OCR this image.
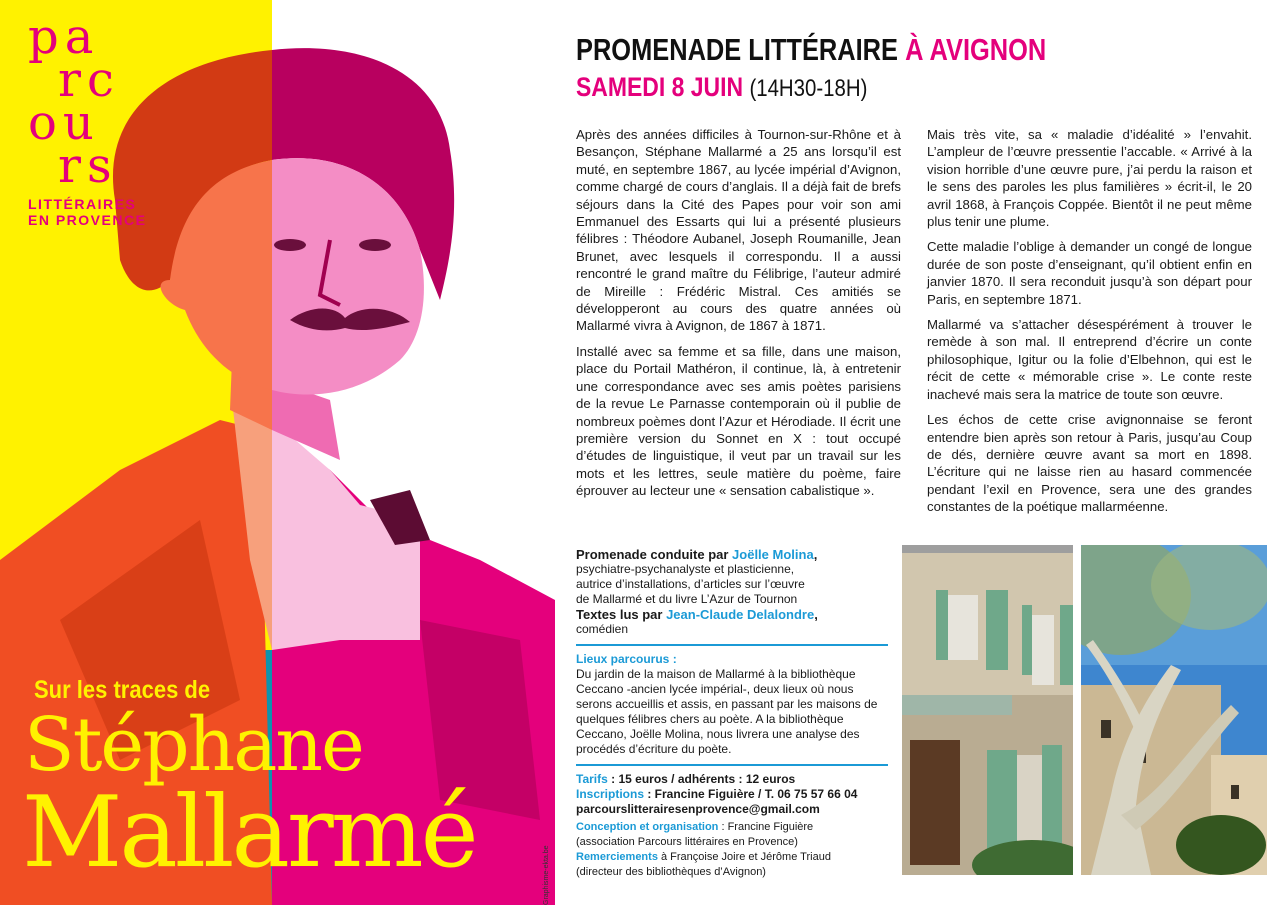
pa
rc
ou
rs
LITTÉRAIRES
EN PROVENCE
Sur les traces de
Stéphane
Mallarmé	Graphisme-ekta.be
PROMENADE LITTÉRAIRE À AVIGNON
SAMEDI 8 JUIN (14H30-18H)

Après des années difficiles à Tournon-sur-Rhône et à Besançon, Stéphane Mallarmé a 25 ans lorsqu’il est muté, en septembre 1867, au lycée impérial d’Avignon, comme chargé de cours d’anglais. Il a déjà fait de brefs séjours dans la Cité des Papes pour voir son ami Emmanuel des Essarts qui lui a présenté plusieurs félibres : Théodore Aubanel, Joseph Roumanille, Jean Brunet, avec lesquels il correspondu. Il a aussi rencontré le grand maître du Félibrige, l’auteur admiré de Mireille : Frédéric Mistral. Ces amitiés se développeront au cours des quatre années où Mallarmé vivra à Avignon, de 1867 à 1871.

Installé avec sa femme et sa fille, dans une maison, place du Portail Mathéron, il continue, là, à entretenir une correspondance avec ses amis poètes parisiens de la revue Le Parnasse contemporain où il publie de nombreux poèmes dont l’Azur et Hérodiade. Il écrit une première version du Sonnet en X : tout occupé d’études de linguistique, il veut par un travail sur les mots et les lettres, seule matière du poème, faire éprouver au lecteur une « sensation cabalistique ».

Mais très vite, sa « maladie d’idéalité » l’envahit. L’ampleur de l’œuvre pressentie l’accable. « Arrivé à la vision horrible d’une œuvre pure, j’ai perdu la raison et le sens des paroles les plus familières » écrit-il, le 20 avril 1868, à François Coppée. Bientôt il ne peut même plus tenir une plume.

Cette maladie l’oblige à demander un congé de longue durée de son poste d’enseignant, qu’il obtient enfin en janvier 1870. Il sera reconduit jusqu’à son départ pour Paris, en septembre 1871.

Mallarmé va s’attacher désespérément à trouver le remède à son mal. Il entreprend d’écrire un conte philosophique, Igitur ou la folie d’Elbehnon, qui est le récit de cette « mémorable crise ». Le conte reste inachevé mais sera la matrice de toute son œuvre.

Les échos de cette crise avignonnaise se feront entendre bien après son retour à Paris, jusqu’au Coup de dés, dernière œuvre avant sa mort en 1898. L’écriture qui ne laisse rien au hasard commencée pendant l’exil en Provence, sera une des grandes constantes de la poétique mallarméenne.

Promenade conduite par Joëlle Molina,

psychiatre-psychanalyste et plasticienne,

autrice d’installations, d’articles sur l’œuvre

de Mallarmé et du livre L’Azur de Tournon

Textes lus par Jean-Claude Delalondre,

comédien

Lieux parcourus :

Du jardin de la maison de Mallarmé à la bibliothèque Ceccano -ancien lycée impérial-, deux lieux où nous serons accueillis et assis, en passant par les maisons de quelques félibres chers au poète. A la bibliothèque Ceccano, Joëlle Molina, nous livrera une analyse des procédés d’écriture du poète.

Tarifs : 15 euros / adhérents : 12 euros

Inscriptions : Francine Figuière / T. 06 75 57 66 04

parcourslitterairesenprovence@gmail.com

Conception et organisation : Francine Figuière

(association Parcours littéraires en Provence)

Remerciements à Françoise Joire et Jérôme Triaud

(directeur des bibliothèques d’Avignon)
